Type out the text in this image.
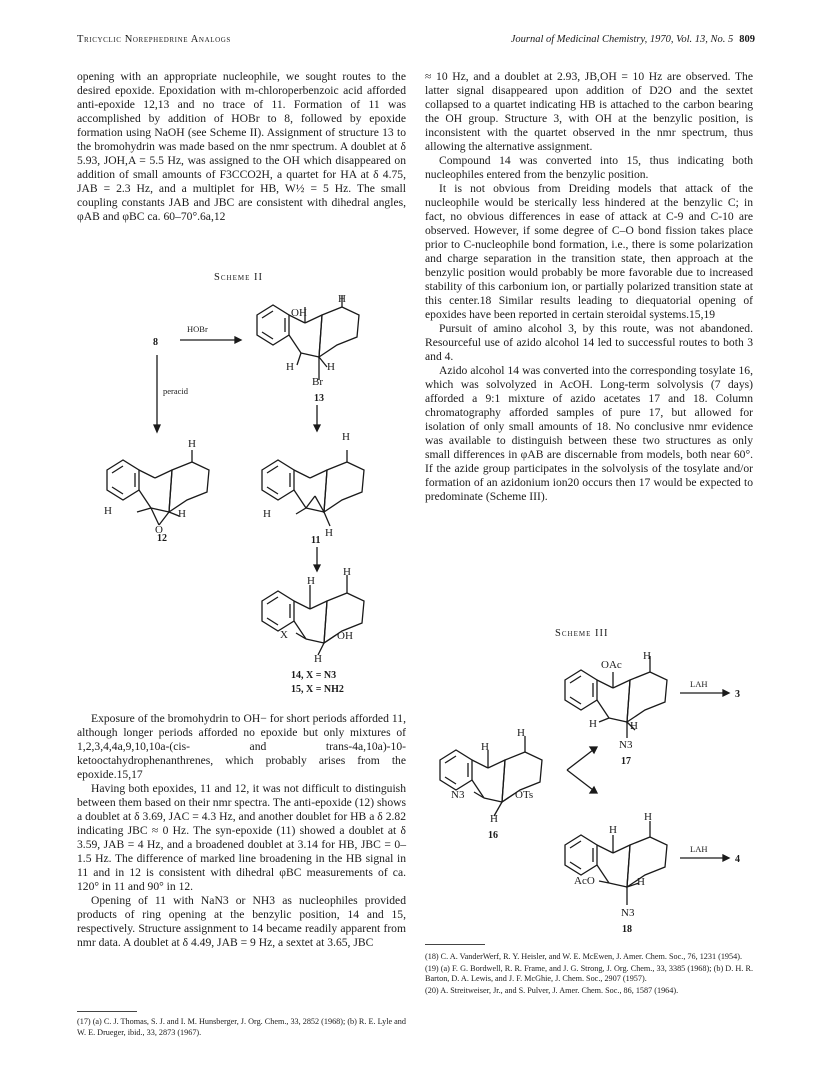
Tricyclic Norephedrine Analogs	Journal of Medicinal Chemistry, 1970, Vol. 13, No. 5 809

opening with an appropriate nucleophile, we sought routes to the desired epoxide. Epoxidation with m-chloroperbenzoic acid afforded anti-epoxide 12,13 and no trace of 11. Formation of 11 was accomplished by addition of HOBr to 8, followed by epoxide formation using NaOH (see Scheme II). Assignment of structure 13 to the bromohydrin was made based on the nmr spectrum. A doublet at δ 5.93, JOH,A = 5.5 Hz, was assigned to the OH which disappeared on addition of small amounts of F3CCO2H, a quartet for HA at δ 4.75, JAB = 2.3 Hz, and a multiplet for HB, W½ = 5 Hz. The small coupling constants JAB and JBC are consistent with dihedral angles, φAB and φBC ca. 60–70°.6a,12

Scheme II
OH
H
H	H
Br
13
8
HOBr
peracid
H
H	H
O
12
H
H
H
11
H
H
X	OH
H
14, X = N3
15, X = NH2

Exposure of the bromohydrin to OH− for short periods afforded 11, although longer periods afforded no epoxide but only mixtures of 1,2,3,4,4a,9,10,10a-(cis- and trans-4a,10a)-10-ketooctahydrophenanthrenes, which probably arises from the epoxide.15,17

Having both epoxides, 11 and 12, it was not difficult to distinguish between them based on their nmr spectra. The anti-epoxide (12) shows a doublet at δ 3.69, JAC = 4.3 Hz, and another doublet for HB a δ 2.82 indicating JBC ≈ 0 Hz. The syn-epoxide (11) showed a doublet at δ 3.59, JAB = 4 Hz, and a broadened doublet at 3.14 for HB, JBC = 0–1.5 Hz. The difference of marked line broadening in the HB signal in 11 and in 12 is consistent with dihedral φBC measurements of ca. 120° in 11 and 90° in 12.

Opening of 11 with NaN3 or NH3 as nucleophiles provided products of ring opening at the benzylic position, 14 and 15, respectively. Structure assignment to 14 became readily apparent from nmr data. A doublet at δ 4.49, JAB = 9 Hz, a sextet at 3.65, JBC

(17) (a) C. J. Thomas, S. J. and I. M. Hunsberger, J. Org. Chem., 33, 2852 (1968); (b) R. E. Lyle and W. E. Drueger, ibid., 33, 2873 (1967).

≈ 10 Hz, and a doublet at 2.93, JB,OH = 10 Hz are observed. The latter signal disappeared upon addition of D2O and the sextet collapsed to a quartet indicating HB is attached to the carbon bearing the OH group. Structure 3, with OH at the benzylic position, is inconsistent with the quartet observed in the nmr spectrum, thus allowing the alternative assignment.

Compound 14 was converted into 15, thus indicating both nucleophiles entered from the benzylic position.

It is not obvious from Dreiding models that attack of the nucleophile would be sterically less hindered at the benzylic C; in fact, no obvious differences in ease of attack at C-9 and C-10 are observed. However, if some degree of C–O bond fission takes place prior to C-nucleophile bond formation, i.e., there is some polarization and charge separation in the transition state, then approach at the benzylic position would probably be more favorable due to increased stability of this carbonium ion, or partially polarized transition state at this center.18 Similar results leading to diequatorial opening of epoxides have been reported in certain steroidal systems.15,19

Pursuit of amino alcohol 3, by this route, was not abandoned. Resourceful use of azido alcohol 14 led to successful routes to both 3 and 4.

Azido alcohol 14 was converted into the corresponding tosylate 16, which was solvolyzed in AcOH. Long-term solvolysis (7 days) afforded a 9:1 mixture of azido acetates 17 and 18. Column chromatography afforded samples of pure 17, but allowed for isolation of only small amounts of 18. No conclusive nmr evidence was available to distinguish between these two structures as only small differences in φAB are discernable from models, both near 60°. If the azide group participates in the solvolysis of the tosylate and/or formation of an azidonium ion20 occurs then 17 would be expected to predominate (Scheme III).

Scheme III
H
OAc
H	H
N3
17
LAH
3
H
H
N3	OTs
H
16
H
H
AcO	H
N3
18
LAH
4

(18) C. A. VanderWerf, R. Y. Heisler, and W. E. McEwen, J. Amer. Chem. Soc., 76, 1231 (1954).

(19) (a) F. G. Bordwell, R. R. Frame, and J. G. Strong, J. Org. Chem., 33, 3385 (1968); (b) D. H. R. Barton, D. A. Lewis, and J. F. McGhie, J. Chem. Soc., 2907 (1957).

(20) A. Streitweiser, Jr., and S. Pulver, J. Amer. Chem. Soc., 86, 1587 (1964).
